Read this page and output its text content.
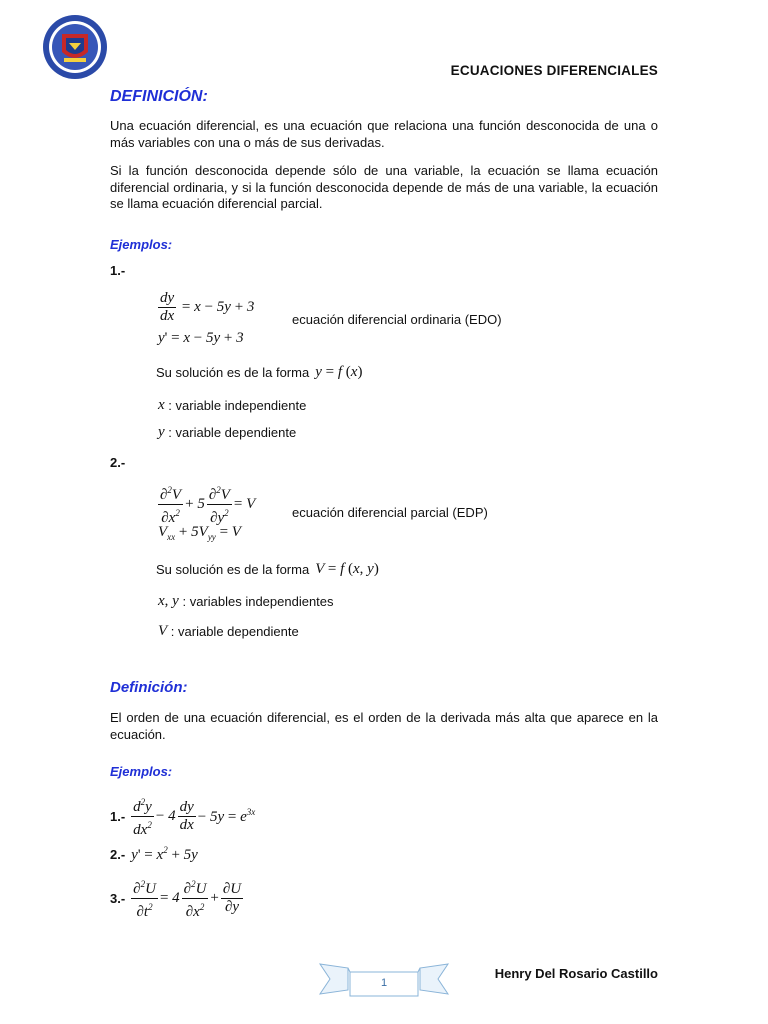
ECUACIONES DIFERENCIALES
DEFINICIÓN:
Una ecuación diferencial, es una ecuación que relaciona una función desconocida de una o más variables con una o más de sus derivadas.
Si la función desconocida depende sólo de una variable, la ecuación se llama ecuación diferencial ordinaria, y si la función desconocida depende de más de una variable, la ecuación se llama ecuación diferencial parcial.
Ejemplos:
1.-
$\frac{dy}{dx} = x - 5y + 3$
y' = x − 5y + 3
ecuación diferencial ordinaria (EDO)
Su solución es de la forma y = f (x)
x
: variable independiente
y
: variable dependiente
2.-
$\frac{\partial^2V}{\partial x^2} + 5 \frac{\partial^2V}{\partial y^2} = V$
$V_{xx} + 5V_{yy} = V$
ecuación diferencial parcial (EDP)
Su solución es de la forma V = f (x, y)
x, y
: variables independientes
V
: variable dependiente
Definición:
El orden de una ecuación diferencial, es el orden de la derivada más alta que aparece en la ecuación.
Ejemplos:
$1.- \frac{d^2y}{dx^2} - 4 \frac{dy}{dx} - 5y = e^{3x}$
2.- $y' = x^2 + 5y$
$3.- \frac{\partial^2U}{\partial t^2} = 4 \frac{\partial^2U}{\partial x^2} + \frac{\partial U}{\partial y}$
1
Henry Del Rosario Castillo
